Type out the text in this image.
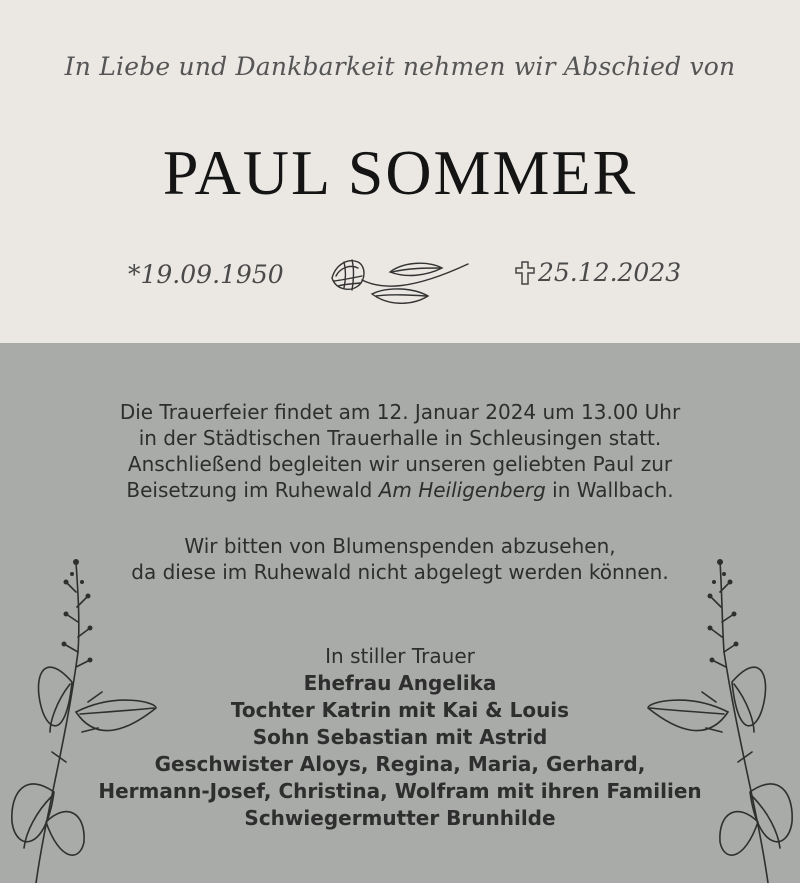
In Liebe und Dankbarkeit nehmen wir Abschied von
PAUL SOMMER
*19.09.1950	25.12.2023
Die Trauerfeier findet am 12. Januar 2024 um 13.00 Uhr
in der Städtischen Trauerhalle in Schleusingen statt.
Anschließend begleiten wir unseren geliebten Paul zur
Beisetzung im Ruhewald Am Heiligenberg in Wallbach.
Wir bitten von Blumenspenden abzusehen,
da diese im Ruhewald nicht abgelegt werden können.
In stiller Trauer
Ehefrau Angelika
Tochter Katrin mit Kai & Louis
Sohn Sebastian mit Astrid
Geschwister Aloys, Regina, Maria, Gerhard,
Hermann-Josef, Christina, Wolfram mit ihren Familien
Schwiegermutter Brunhilde
